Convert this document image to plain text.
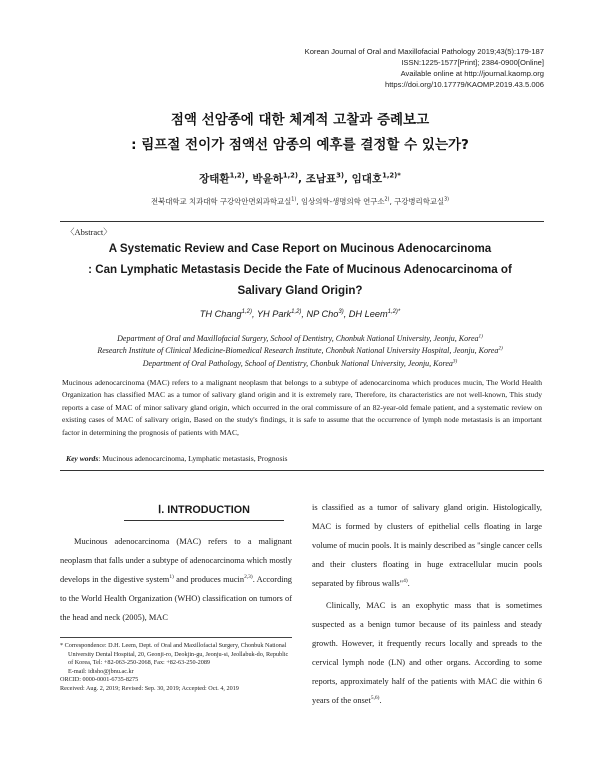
Korean Journal of Oral and Maxillofacial Pathology 2019;43(5):179-187
ISSN:1225-1577[Print]; 2384-0900[Online]
Available online at http://journal.kaomp.org
https://doi.org/10.17779/KAOMP.2019.43.5.006
점액 선암종에 대한 체계적 고찰과 증례보고
: 림프절 전이가 점액선 암종의 예후를 결정할 수 있는가?
장태환$^{1,2)}$, 박윤하$^{1,2)}$, 조남표$^{3)}$, 임대호$^{1,2)*}$
전북대학교 치과대학 구강악안면외과학교실$^{1)}$, 임상의학-생명의학 연구소$^{2)}$, 구강병리학교실$^{3)}$
〈Abstract〉
A Systematic Review and Case Report on Mucinous Adenocarcinoma
: Can Lymphatic Metastasis Decide the Fate of Mucinous Adenocarcinoma of
Salivary Gland Origin?
TH Chang$^{1,2)}$, YH Park$^{1,2)}$, NP Cho$^{3)}$, DH Leem$^{1,2)*}$
Department of Oral and Maxillofacial Surgery, School of Dentistry, Chonbuk National University, Jeonju, Korea$^{1)}$
Research Institute of Clinical Medicine-Biomedical Research Institute, Chonbuk National University Hospital, Jeonju, Korea$^{2)}$
Department of Oral Pathology, School of Dentistry, Chonbuk National University, Jeonju, Korea$^{3)}$
Mucinous adenocarcinoma (MAC) refers to a malignant neoplasm that belongs to a subtype of adenocarcinoma which produces mucin, The World Health Organization has classified MAC as a tumor of salivary gland origin and it is extremely rare, Therefore, its characteristics are not well-known, This study reports a case of MAC of minor salivary gland origin, which occurred in the oral commissure of an 82-year-old female patient, and a systematic review on existing cases of MAC of salivary origin, Based on the study's findings, it is safe to assume that the occurrence of lymph node metastasis is an important factor in determining the prognosis of patients with MAC,
Key words: Mucinous adenocarcinoma, Lymphatic metastasis, Prognosis
Ⅰ. INTRODUCTION
Mucinous adenocarcinoma (MAC) refers to a malignant neoplasm that falls under a subtype of adenocarcinoma which mostly develops in the digestive system$^{1)}$ and produces mucin$^{2,3)}$. According to the World Health Organization (WHO) classification on tumors of the head and neck (2005), MAC

is classified as a tumor of salivary gland origin. Histologically, MAC is formed by clusters of epithelial cells floating in large volume of mucin pools. It is mainly described as "single cancer cells and their clusters floating in huge extracellular mucin pools separated by fibrous walls"$^{4)}$.

Clinically, MAC is an exophytic mass that is sometimes suspected as a benign tumor because of its painless and steady growth. However, it frequently recurs locally and spreads to the cervical lymph node (LN) and other organs. According to some reports, approximately half of the patients with MAC die within 6 years of the onset$^{5,6)}$.

* Correspondence: D.H. Leem, Dept. of Oral and Maxillofacial Surgery, Chonbuk National University Dental Hospital, 20, Geonji-ro, Deokjin-gu, Jeonju-si, Jeollabuk-do, Republic of Korea, Tel: +82-063-250-2068, Fax: +82-63-250-2089
E-mail: idisho@jbnu.ac.kr
ORCID: 0000-0001-6735-8275
Received: Aug. 2, 2019; Revised: Sep. 30, 2019; Accepted: Oct. 4, 2019
